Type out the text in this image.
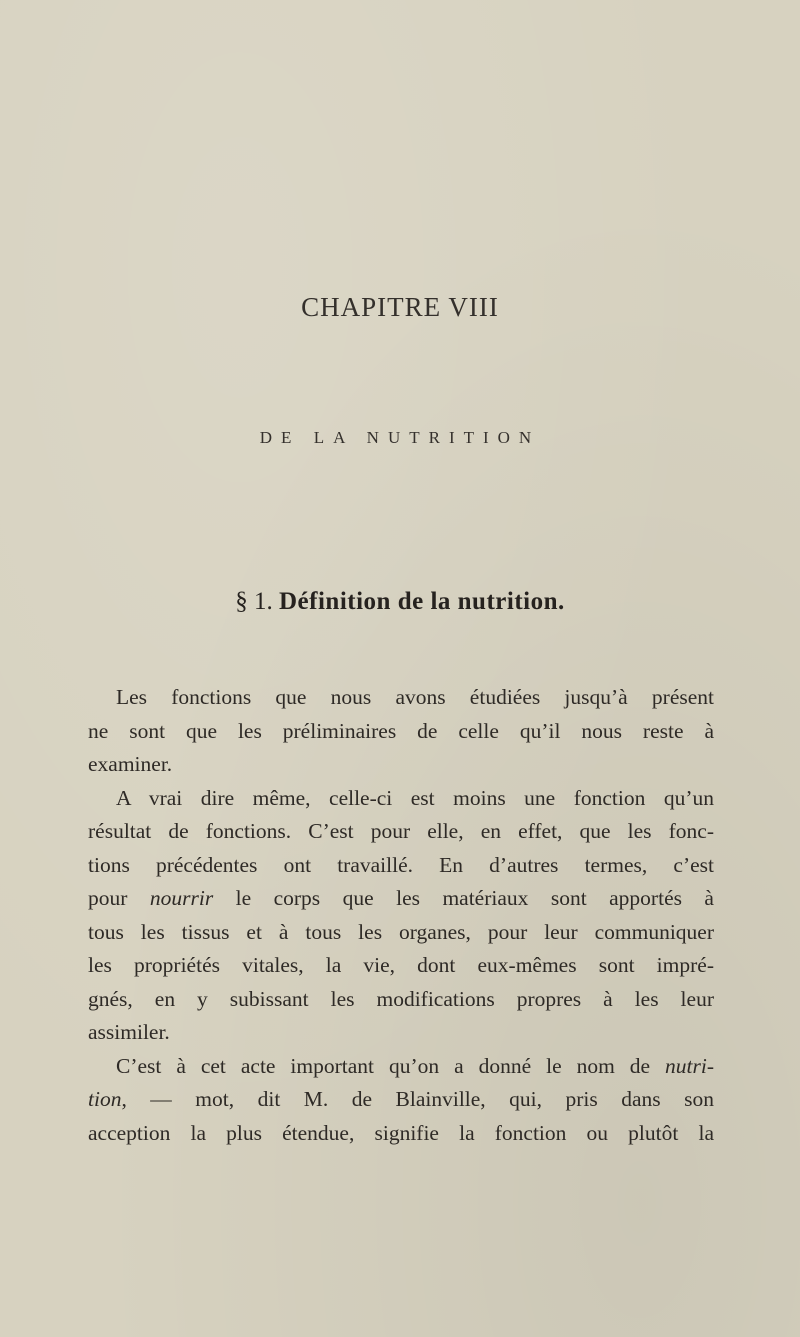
CHAPITRE VIII
DE LA NUTRITION
§ 1. Définition de la nutrition.
Les fonctions que nous avons étudiées jusqu’à présent
ne sont que les préliminaires de celle qu’il nous reste à
examiner.
A vrai dire même, celle-ci est moins une fonction qu’un
résultat de fonctions. C’est pour elle, en effet, que les fonc-
tions précédentes ont travaillé. En d’autres termes, c’est
pour nourrir le corps que les matériaux sont apportés à
tous les tissus et à tous les organes, pour leur communiquer
les propriétés vitales, la vie, dont eux-mêmes sont impré-
gnés, en y subissant les modifications propres à les leur
assimiler.
C’est à cet acte important qu’on a donné le nom de nutri-
tion, — mot, dit M. de Blainville, qui, pris dans son
acception la plus étendue, signifie la fonction ou plutôt la
